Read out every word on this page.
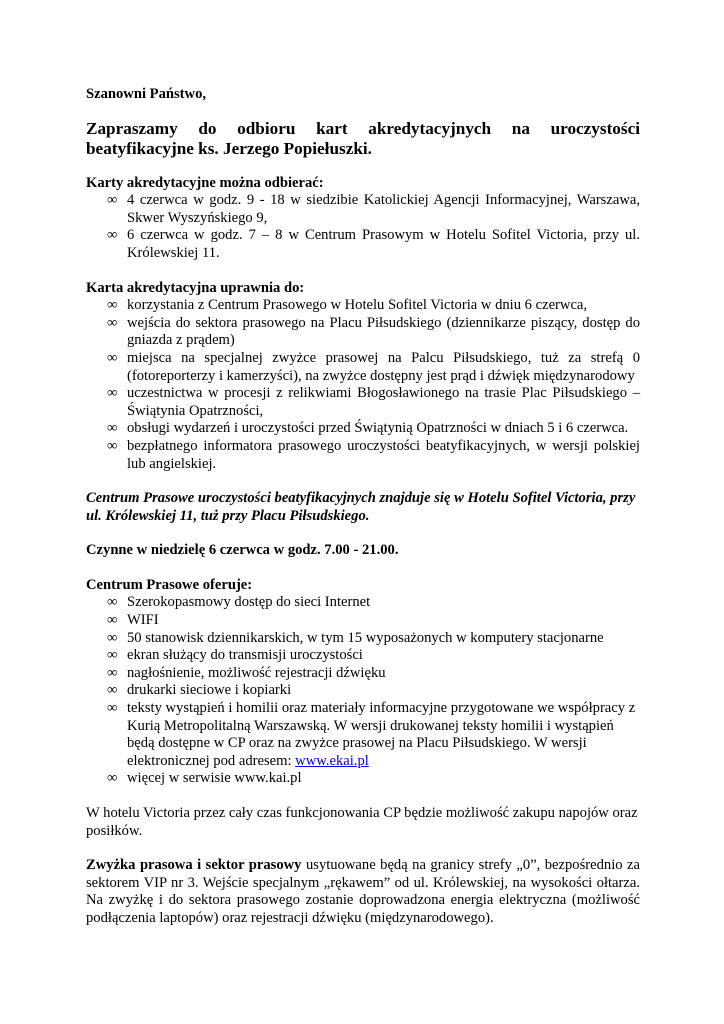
Szanowni Państwo,

Zapraszamy do odbioru kart akredytacyjnych na uroczystości beatyfikacyjne ks. Jerzego Popiełuszki.

Karty akredytacyjne można odbierać:

∞ 4 czerwca w godz. 9 - 18 w siedzibie Katolickiej Agencji Informacyjnej, Warszawa, Skwer Wyszyńskiego 9,
∞ 6 czerwca w godz. 7 – 8 w Centrum Prasowym w Hotelu Sofitel Victoria, przy ul. Królewskiej 11.

Karta akredytacyjna uprawnia do:

∞ korzystania z Centrum Prasowego w Hotelu Sofitel Victoria w dniu 6 czerwca,
∞ wejścia do sektora prasowego na Placu Piłsudskiego (dziennikarze piszący, dostęp do gniazda z prądem)
∞ miejsca na specjalnej zwyżce prasowej na Palcu Piłsudskiego, tuż za strefą 0 (fotoreporterzy i kamerzyści), na zwyżce dostępny jest prąd i dźwięk międzynarodowy
∞ uczestnictwa w procesji z relikwiami Błogosławionego na trasie Plac Piłsudskiego – Świątynia Opatrzności,
∞ obsługi wydarzeń i uroczystości przed Świątynią Opatrzności w dniach 5 i 6 czerwca.
∞ bezpłatnego informatora prasowego uroczystości beatyfikacyjnych, w wersji polskiej lub angielskiej.

Centrum Prasowe uroczystości beatyfikacyjnych znajduje się w Hotelu Sofitel Victoria, przy ul. Królewskiej 11, tuż przy Placu Piłsudskiego.

Czynne w niedzielę 6 czerwca w godz. 7.00 - 21.00.

Centrum Prasowe oferuje:

∞ Szerokopasmowy dostęp do sieci Internet
∞ WIFI
∞ 50 stanowisk dziennikarskich, w tym 15 wyposażonych w komputery stacjonarne
∞ ekran służący do transmisji uroczystości
∞ nagłośnienie, możliwość rejestracji dźwięku
∞ drukarki sieciowe i kopiarki
∞ teksty wystąpień i homilii oraz materiały informacyjne przygotowane we współpracy z Kurią Metropolitalną Warszawską. W wersji drukowanej teksty homilii i wystąpień będą dostępne w CP oraz na zwyżce prasowej na Placu Piłsudskiego. W wersji elektronicznej pod adresem: www.ekai.pl
∞ więcej w serwisie www.kai.pl

W hotelu Victoria przez cały czas funkcjonowania CP będzie możliwość zakupu napojów oraz posiłków.

Zwyżka prasowa i sektor prasowy usytuowane będą na granicy strefy „0”, bezpośrednio za sektorem VIP nr 3. Wejście specjalnym „rękawem” od ul. Królewskiej, na wysokości ołtarza. Na zwyżkę i do sektora prasowego zostanie doprowadzona energia elektryczna (możliwość podłączenia laptopów) oraz rejestracji dźwięku (międzynarodowego).
